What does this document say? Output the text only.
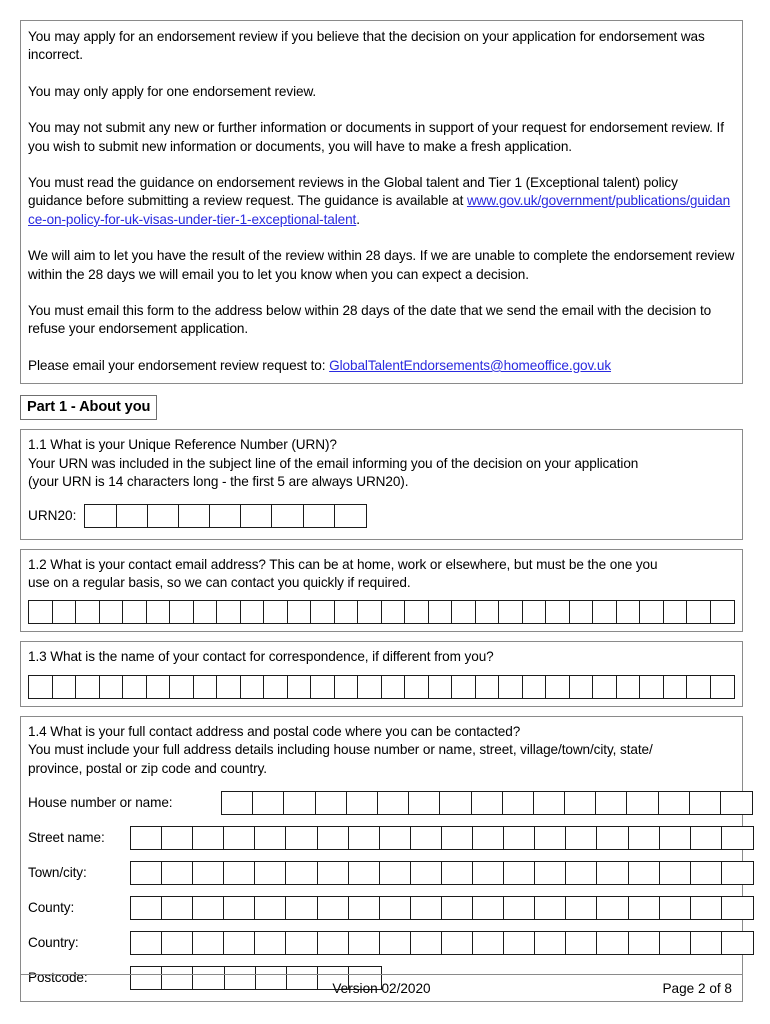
You may apply for an endorsement review if you believe that the decision on your application for endorsement was incorrect.

You may only apply for one endorsement review.

You may not submit any new or further information or documents in support of your request for endorsement review. If you wish to submit new information or documents, you will have to make a fresh application.

You must read the guidance on endorsement reviews in the Global talent and Tier 1 (Exceptional talent) policy guidance before submitting a review request. The guidance is available at www.gov.uk/government/publications/guidance-on-policy-for-uk-visas-under-tier-1-exceptional-talent.

We will aim to let you have the result of the review within 28 days. If we are unable to complete the endorsement review within the 28 days we will email you to let you know when you can expect a decision.

You must email this form to the address below within 28 days of the date that we send the email with the decision to refuse your endorsement application.

Please email your endorsement review request to: GlobalTalentEndorsements@homeoffice.gov.uk

Part 1 - About you
1.1 What is your Unique Reference Number (URN)?
Your URN was included in the subject line of the email informing you of the decision on your application
(your URN is 14 characters long - the first 5 are always URN20).
URN20:
1.2 What is your contact email address? This can be at home, work or elsewhere, but must be the one you
use on a regular basis, so we can contact you quickly if required.
1.3 What is the name of your contact for correspondence, if different from you?
1.4 What is your full contact address and postal code where you can be contacted?
You must include your full address details including house number or name, street, village/town/city, state/
province, postal or zip code and country.
House number or name:
Street name:
Town/city:
County:
Country:
Postcode:
Version 02/2020	Page 2 of 8
